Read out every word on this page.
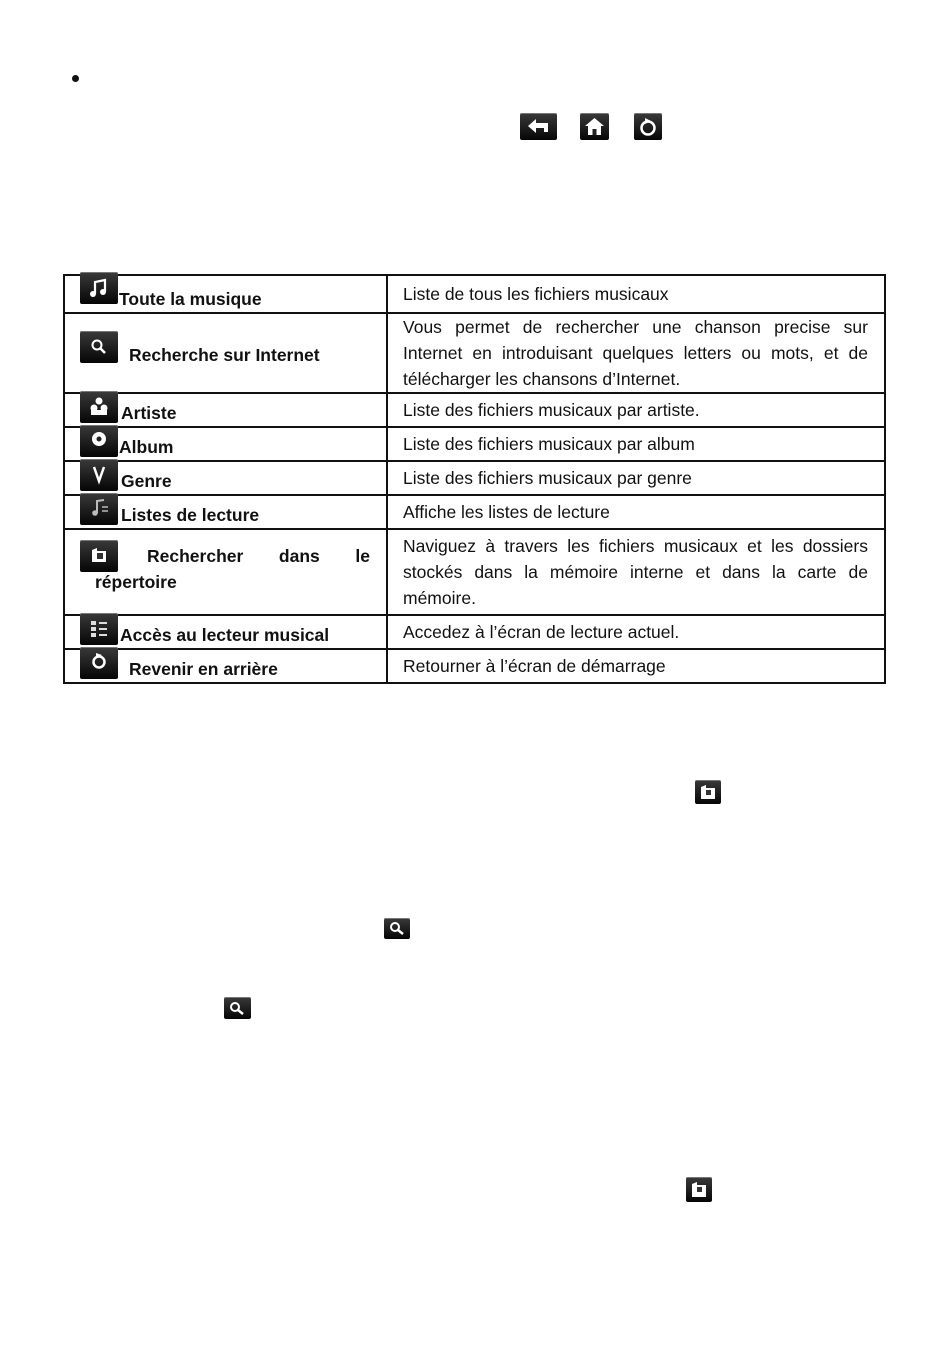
Toute la musique	Liste de tous les fichiers musicaux

Recherche sur Internet	Vous permet de rechercher une chanson precise sur Internet en introduisant quelques letters ou mots, et de télécharger les chansons d’Internet.

Artiste	Liste des fichiers musicaux par artiste.

Album	Liste des fichiers musicaux par album

Genre	Liste des fichiers musicaux par genre

Listes de lecture	Affiche les listes de lecture

Rechercher dans le
répertoire	Naviguez à travers les fichiers musicaux et les dossiers stockés dans la mémoire interne et dans la carte de mémoire.

Accès au lecteur musical	Accedez à l’écran de lecture actuel.

Revenir en arrière	Retourner à l’écran de démarrage
